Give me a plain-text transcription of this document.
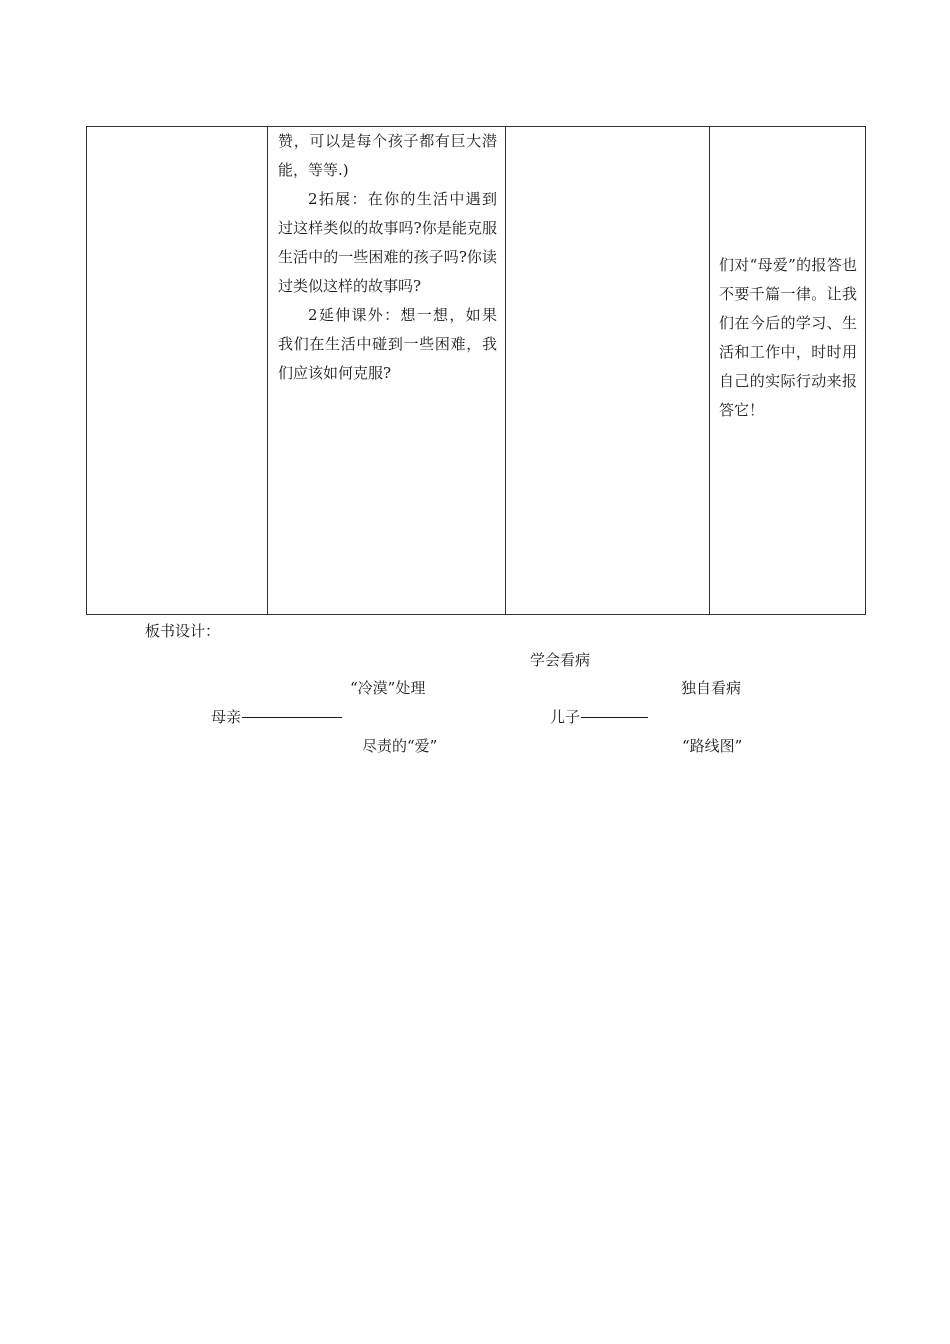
赞，可以是每个孩子都有巨大潜能，等等.)

2拓展：在你的生活中遇到过这样类似的故事吗?你是能克服生活中的一些困难的孩子吗?你读过类似这样的故事吗?

2延伸课外：想一想，如果我们在生活中碰到一些困难，我们应该如何克服?

们对“母爱”的报答也不要千篇一律。让我们在今后的学习、生活和工作中，时时用自己的实际行动来报答它！
板书设计：
学会看病
“冷漠”处理	独自看病
母亲	儿子
尽责的“爱”	“路线图”
